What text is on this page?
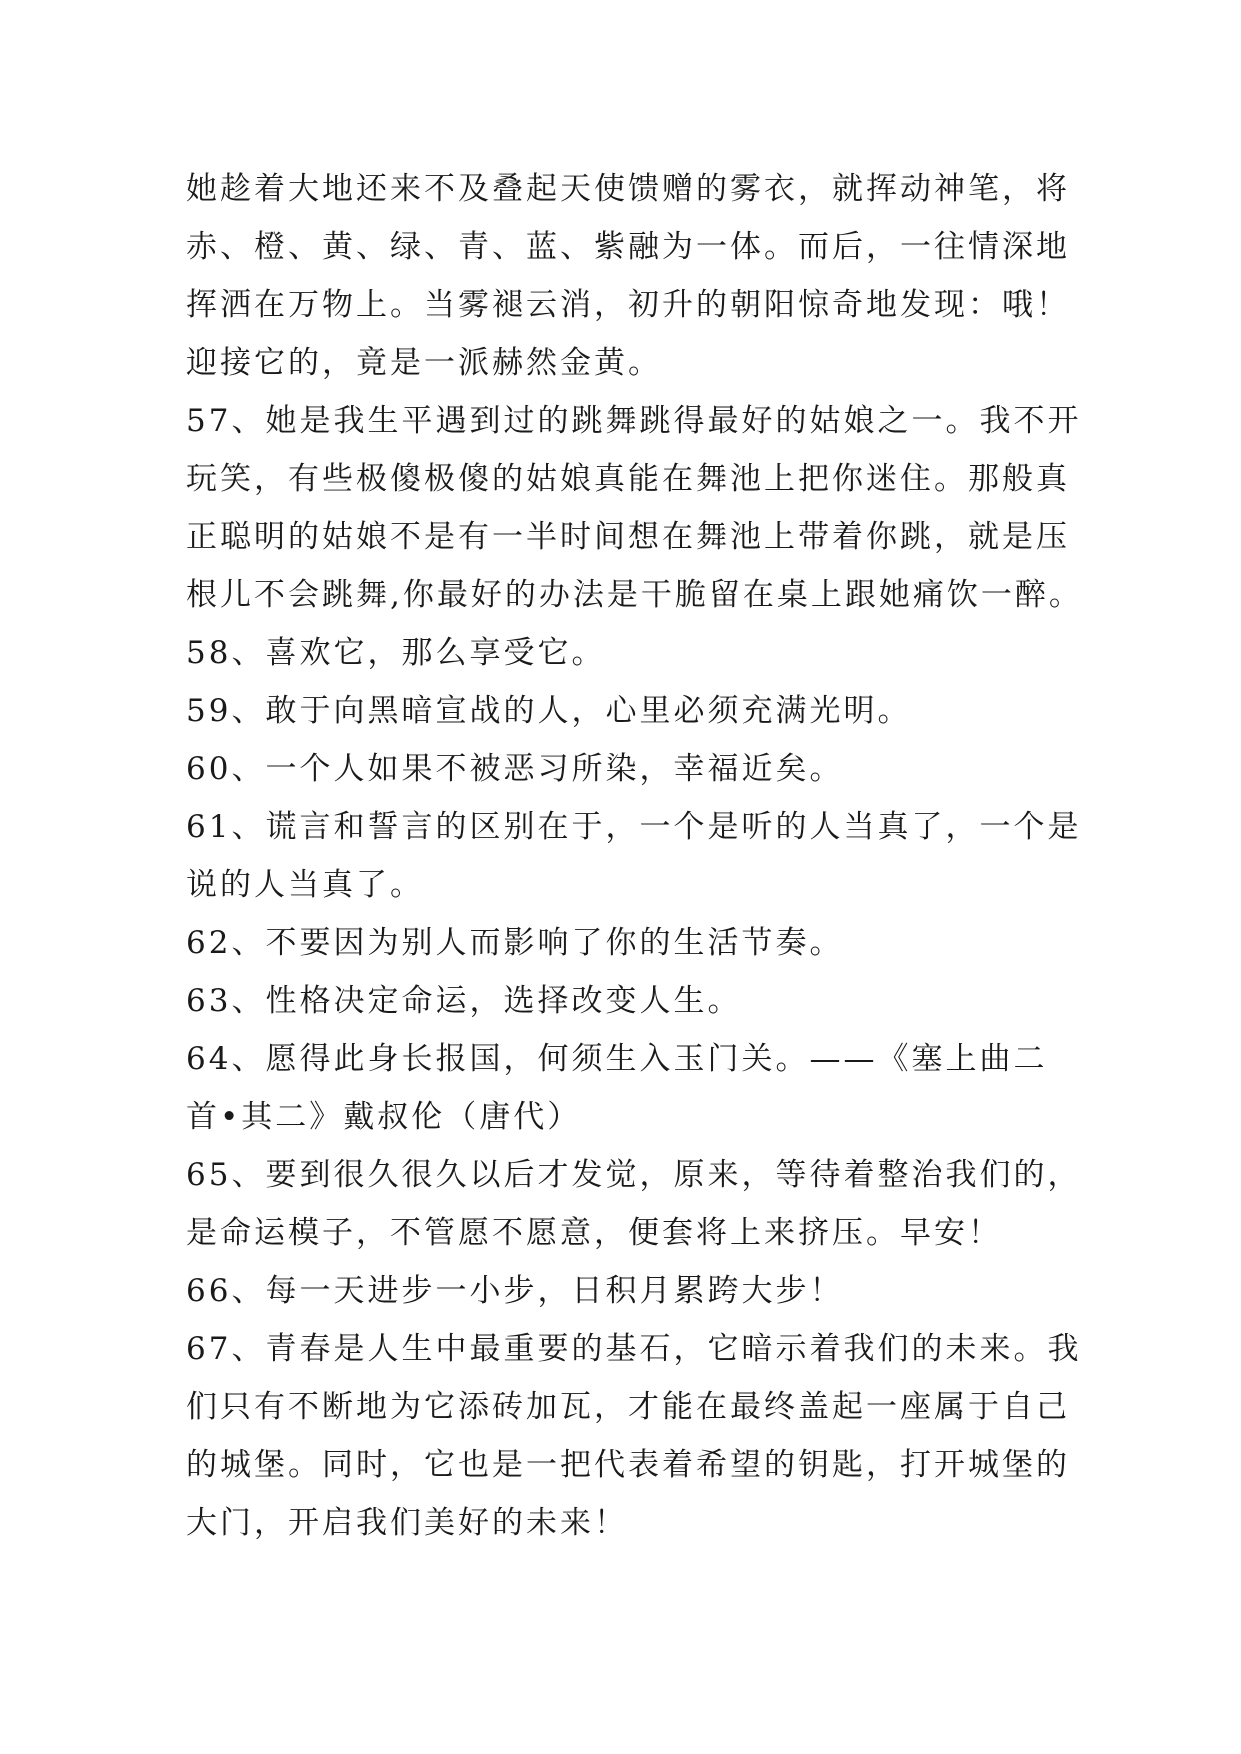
她趁着大地还来不及叠起天使馈赠的雾衣，就挥动神笔，将
赤、橙、黄、绿、青、蓝、紫融为一体。而后，一往情深地
挥洒在万物上。当雾褪云消，初升的朝阳惊奇地发现：哦！
迎接它的，竟是一派赫然金黄。
57、她是我生平遇到过的跳舞跳得最好的姑娘之一。我不开
玩笑，有些极傻极傻的姑娘真能在舞池上把你迷住。那般真
正聪明的姑娘不是有一半时间想在舞池上带着你跳，就是压
根儿不会跳舞,你最好的办法是干脆留在桌上跟她痛饮一醉。
58、喜欢它，那么享受它。
59、敢于向黑暗宣战的人，心里必须充满光明。
60、一个人如果不被恶习所染，幸福近矣。
61、谎言和誓言的区别在于，一个是听的人当真了，一个是
说的人当真了。
62、不要因为别人而影响了你的生活节奏。
63、性格决定命运，选择改变人生。
64、愿得此身长报国，何须生入玉门关。——《塞上曲二
首•其二》戴叔伦（唐代）
65、要到很久很久以后才发觉，原来，等待着整治我们的，
是命运模子，不管愿不愿意，便套将上来挤压。早安！
66、每一天进步一小步，日积月累跨大步！
67、青春是人生中最重要的基石，它暗示着我们的未来。我
们只有不断地为它添砖加瓦，才能在最终盖起一座属于自己
的城堡。同时，它也是一把代表着希望的钥匙，打开城堡的
大门，开启我们美好的未来！
